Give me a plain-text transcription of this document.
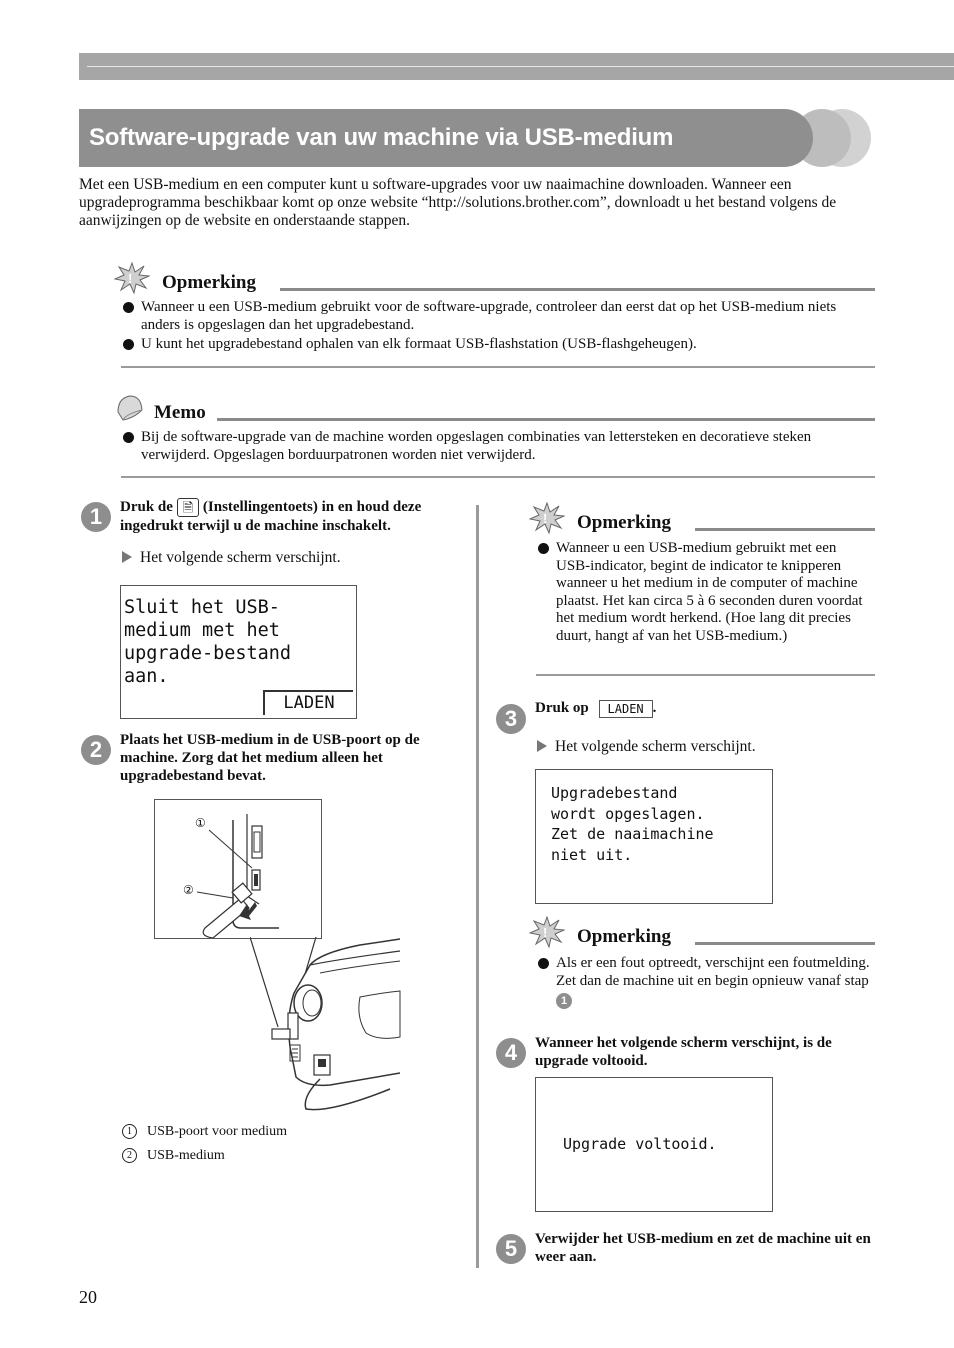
Software-upgrade van uw machine via USB-medium
Met een USB-medium en een computer kunt u software-upgrades voor uw naaimachine downloaden. Wanneer een upgradeprogramma beschikbaar komt op onze website “http://solutions.brother.com”, downloadt u het bestand volgens de aanwijzingen op de website en onderstaande stappen.
! Opmerking
Wanneer u een USB-medium gebruikt voor de software-upgrade, controleer dan eerst dat op het USB-medium niets anders is opgeslagen dan het upgradebestand.
U kunt het upgradebestand ophalen van elk formaat USB-flashstation (USB-flashgeheugen).
Memo
Bij de software-upgrade van de machine worden opgeslagen combinaties van lettersteken en decoratieve steken verwijderd. Opgeslagen borduurpatronen worden niet verwijderd.
1	Druk de 🗎 (Instellingentoets) in en houd deze ingedrukt terwijl u de machine inschakelt.
Het volgende scherm verschijnt.
Sluit het USB-
medium met het
upgrade-bestand
aan.
LADEN
2	Plaats het USB-medium in de USB-poort op de machine. Zorg dat het medium alleen het upgradebestand bevat.
①
②
1 USB-poort voor medium
2 USB-medium
! Opmerking
Wanneer u een USB-medium gebruikt met een USB-indicator, begint de indicator te knipperen wanneer u het medium in de computer of machine plaatst. Het kan circa 5 à 6 seconden duren voordat het medium wordt herkend. (Hoe lang dit precies duurt, hangt af van het USB-medium.)
3	Druk op LADEN .
Het volgende scherm verschijnt.
Upgradebestand
wordt opgeslagen.
Zet de naaimachine
niet uit.
! Opmerking
Als er een fout optreedt, verschijnt een foutmelding. Zet dan de machine uit en begin opnieuw vanaf stap 1
4	Wanneer het volgende scherm verschijnt, is de upgrade voltooid.
Upgrade voltooid.
5	Verwijder het USB-medium en zet de machine uit en weer aan.
20
